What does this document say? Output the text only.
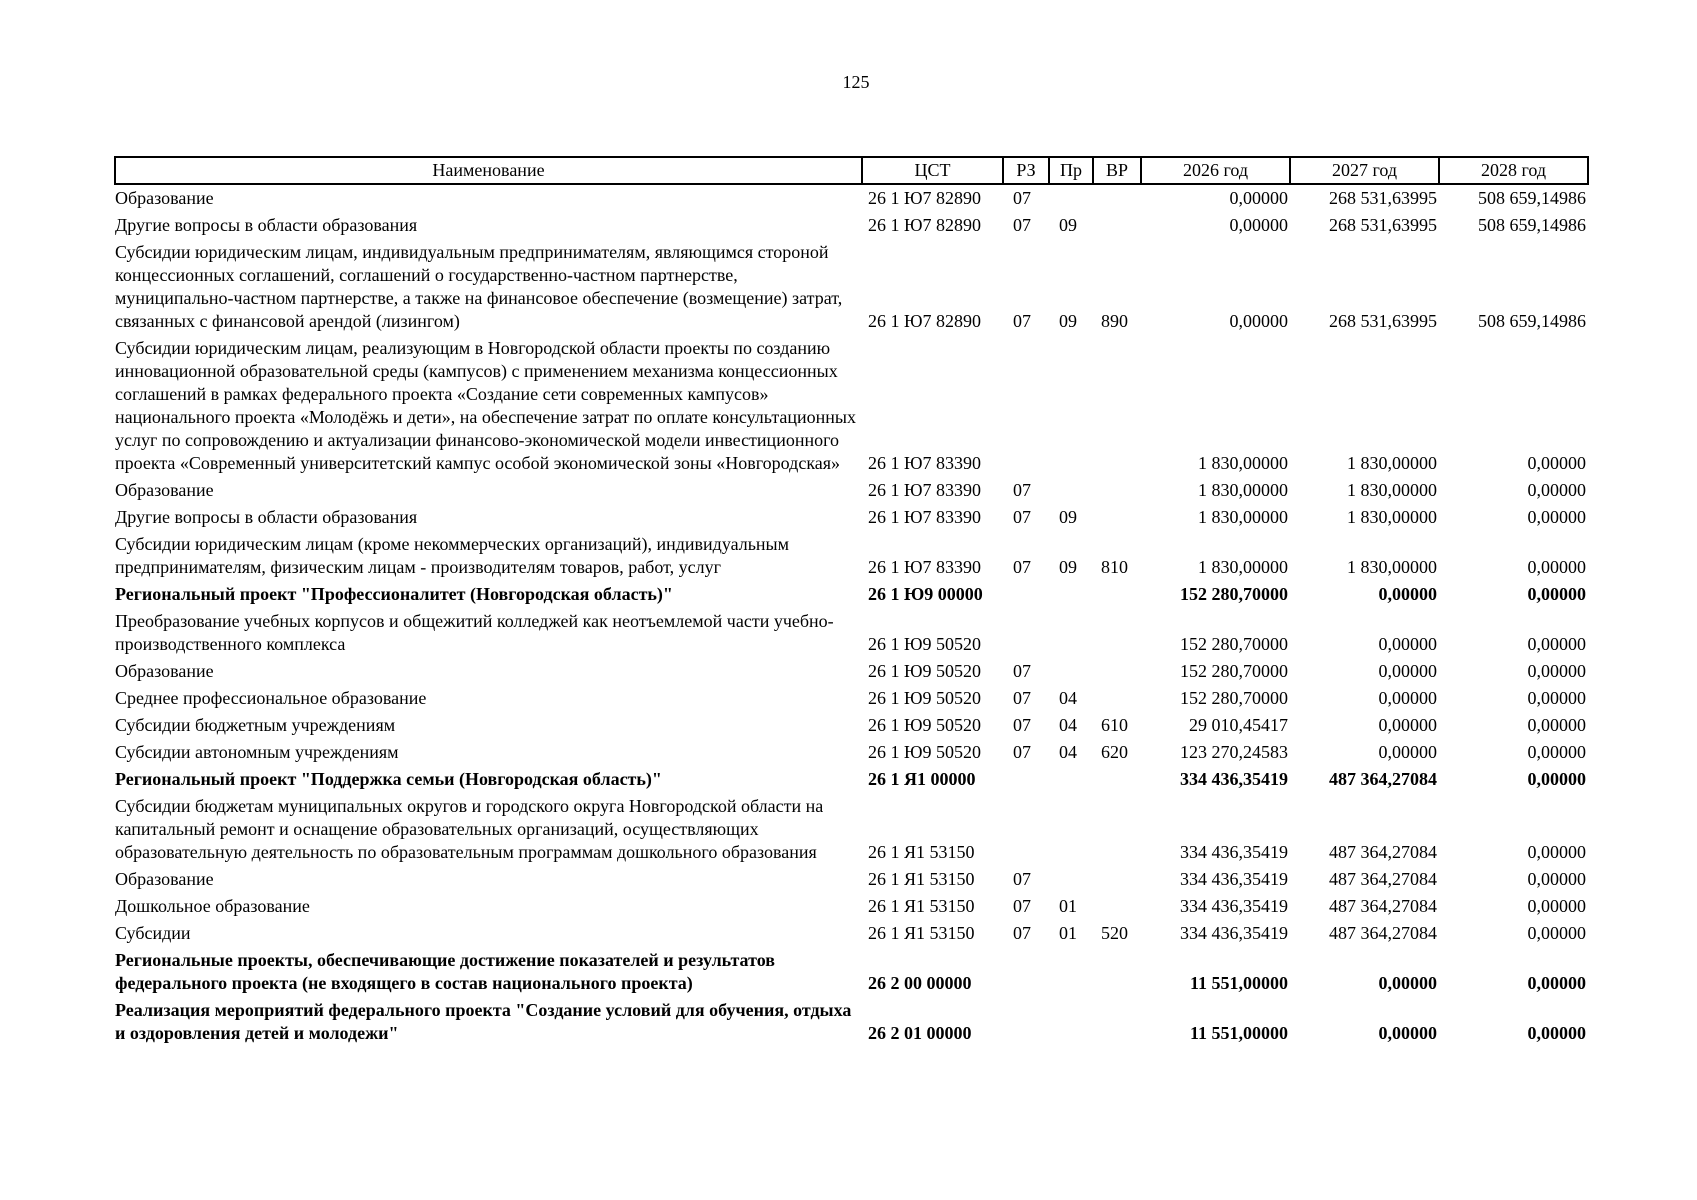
125
Наименование	ЦСТ	РЗ	Пр	ВР	2026 год	2027 год	2028 год
Образование	26 1 Ю7 82890	07			0,00000	268 531,63995	508 659,14986
Другие вопросы в области образования	26 1 Ю7 82890	07	09		0,00000	268 531,63995	508 659,14986
Субсидии юридическим лицам, индивидуальным предпринимателям, являющимся стороной концессионных соглашений, соглашений о государственно-частном партнерстве, муниципально-частном партнерстве, а также на финансовое обеспечение (возмещение) затрат, связанных с финансовой арендой (лизингом)	26 1 Ю7 82890	07	09	890	0,00000	268 531,63995	508 659,14986
Субсидии юридическим лицам, реализующим в Новгородской области проекты по созданию инновационной образовательной среды (кампусов) с применением механизма концессионных соглашений в рамках федерального проекта «Создание сети современных кампусов» национального проекта «Молодёжь и дети», на обеспечение затрат по оплате консультационных услуг по сопровождению и актуализации финансово-экономической модели инвестиционного проекта «Современный университетский кампус особой экономической зоны «Новгородская»	26 1 Ю7 83390				1 830,00000	1 830,00000	0,00000
Образование	26 1 Ю7 83390	07			1 830,00000	1 830,00000	0,00000
Другие вопросы в области образования	26 1 Ю7 83390	07	09		1 830,00000	1 830,00000	0,00000
Субсидии юридическим лицам (кроме некоммерческих организаций), индивидуальным предпринимателям, физическим лицам - производителям товаров, работ, услуг	26 1 Ю7 83390	07	09	810	1 830,00000	1 830,00000	0,00000
Региональный проект "Профессионалитет (Новгородская область)"	26 1 Ю9 00000				152 280,70000	0,00000	0,00000
Преобразование учебных корпусов и общежитий колледжей как неотъемлемой части учебно-производственного комплекса	26 1 Ю9 50520				152 280,70000	0,00000	0,00000
Образование	26 1 Ю9 50520	07			152 280,70000	0,00000	0,00000
Среднее профессиональное образование	26 1 Ю9 50520	07	04		152 280,70000	0,00000	0,00000
Субсидии бюджетным учреждениям	26 1 Ю9 50520	07	04	610	29 010,45417	0,00000	0,00000
Субсидии автономным учреждениям	26 1 Ю9 50520	07	04	620	123 270,24583	0,00000	0,00000
Региональный проект "Поддержка семьи (Новгородская область)"	26 1 Я1 00000				334 436,35419	487 364,27084	0,00000
Субсидии бюджетам муниципальных округов и городского округа Новгородской области на капитальный ремонт и оснащение образовательных организаций, осуществляющих образовательную деятельность по образовательным программам дошкольного образования	26 1 Я1 53150				334 436,35419	487 364,27084	0,00000
Образование	26 1 Я1 53150	07			334 436,35419	487 364,27084	0,00000
Дошкольное образование	26 1 Я1 53150	07	01		334 436,35419	487 364,27084	0,00000
Субсидии	26 1 Я1 53150	07	01	520	334 436,35419	487 364,27084	0,00000
Региональные проекты, обеспечивающие достижение показателей и результатов федерального проекта (не входящего в состав национального проекта)	26 2 00 00000				11 551,00000	0,00000	0,00000
Реализация мероприятий федерального проекта "Создание условий для обучения, отдыха и оздоровления детей и молодежи"	26 2 01 00000				11 551,00000	0,00000	0,00000
